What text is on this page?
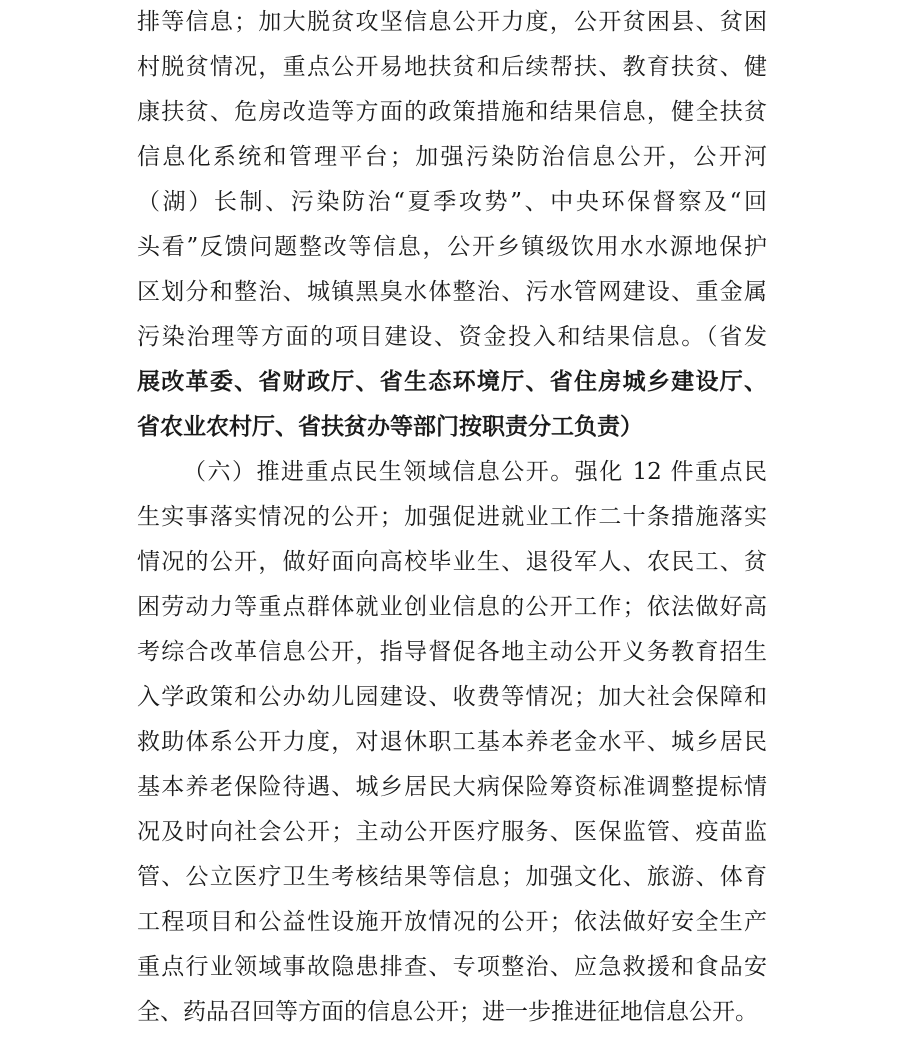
排等信息；加大脱贫攻坚信息公开力度，公开贫困县、贫困
村脱贫情况，重点公开易地扶贫和后续帮扶、教育扶贫、健
康扶贫、危房改造等方面的政策措施和结果信息，健全扶贫
信息化系统和管理平台；加强污染防治信息公开，公开河
（湖）长制、污染防治“夏季攻势”、中央环保督察及“回
头看”反馈问题整改等信息，公开乡镇级饮用水水源地保护
区划分和整治、城镇黑臭水体整治、污水管网建设、重金属
污染治理等方面的项目建设、资金投入和结果信息。（省发
展改革委、省财政厅、省生态环境厅、省住房城乡建设厅、
省农业农村厅、省扶贫办等部门按职责分工负责）
（六）推进重点民生领域信息公开。强化 12 件重点民
生实事落实情况的公开；加强促进就业工作二十条措施落实
情况的公开，做好面向高校毕业生、退役军人、农民工、贫
困劳动力等重点群体就业创业信息的公开工作；依法做好高
考综合改革信息公开，指导督促各地主动公开义务教育招生
入学政策和公办幼儿园建设、收费等情况；加大社会保障和
救助体系公开力度，对退休职工基本养老金水平、城乡居民
基本养老保险待遇、城乡居民大病保险筹资标准调整提标情
况及时向社会公开；主动公开医疗服务、医保监管、疫苗监
管、公立医疗卫生考核结果等信息；加强文化、旅游、体育
工程项目和公益性设施开放情况的公开；依法做好安全生产
重点行业领域事故隐患排查、专项整治、应急救援和食品安
全、药品召回等方面的信息公开；进一步推进征地信息公开。
